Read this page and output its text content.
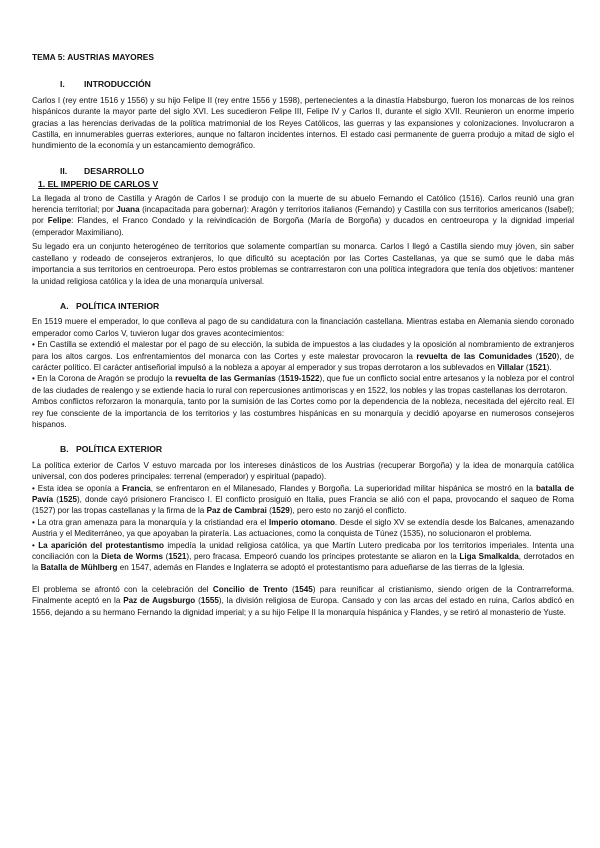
TEMA 5: AUSTRIAS MAYORES

I. INTRODUCCIÓN

Carlos I (rey entre 1516 y 1556) y su hijo Felipe II (rey entre 1556 y 1598), pertenecientes a la dinastía Habsburgo, fueron los monarcas de los reinos hispánicos durante la mayor parte del siglo XVI. Les sucedieron Felipe III, Felipe IV y Carlos II, durante el siglo XVII. Reunieron un enorme imperio gracias a las herencias derivadas de la política matrimonial de los Reyes Católicos, las guerras y las expansiones y colonizaciones. Involucraron a Castilla, en innumerables guerras exteriores, aunque no faltaron incidentes internos. El estado casi permanente de guerra produjo a mitad de siglo el hundimiento de la economía y un estancamiento demográfico.

II. DESARROLLO
1. EL IMPERIO DE CARLOS V

La llegada al trono de Castilla y Aragón de Carlos I se produjo con la muerte de su abuelo Fernando el Católico (1516). Carlos reunió una gran herencia territorial; por Juana (incapacitada para gobernar): Aragón y territorios italianos (Fernando) y Castilla con sus territorios americanos (Isabel); por Felipe: Flandes, el Franco Condado y la reivindicación de Borgoña (María de Borgoña) y ducados en centroeuropa y la dignidad imperial (emperador Maximiliano).

Su legado era un conjunto heterogéneo de territorios que solamente compartían su monarca. Carlos I llegó a Castilla siendo muy jóven, sin saber castellano y rodeado de consejeros extranjeros, lo que dificultó su aceptación por las Cortes Castellanas, ya que se sumó que le daba más importancia a sus territorios en centroeuropa. Pero estos problemas se contrarrestaron con una política integradora que tenía dos objetivos: mantener la unidad religiosa católica y la idea de una monarquía universal.

A. POLÍTICA INTERIOR

En 1519 muere el emperador, lo que conlleva al pago de su candidatura con la financiación castellana. Mientras estaba en Alemania siendo coronado emperador como Carlos V, tuvieron lugar dos graves acontecimientos:

• En Castilla se extendió el malestar por el pago de su elección, la subida de impuestos a las ciudades y la oposición al nombramiento de extranjeros para los altos cargos. Los enfrentamientos del monarca con las Cortes y este malestar provocaron la revuelta de las Comunidades (1520), de carácter político. El carácter antiseñorial impulsó a la nobleza a apoyar al emperador y sus tropas derrotaron a los sublevados en Villalar (1521).

• En la Corona de Aragón se produjo la revuelta de las Germanías (1519-1522), que fue un conflicto social entre artesanos y la nobleza por el control de las ciudades de realengo y se extiende hacia lo rural con repercusiones antimoriscas y en 1522, los nobles y las tropas castellanas los derrotaron.

Ambos conflictos reforzaron la monarquía, tanto por la sumisión de las Cortes como por la dependencia de la nobleza, necesitada del ejército real. El rey fue consciente de la importancia de los territorios y las costumbres hispánicas en su monarquía y decidió apoyarse en numerosos consejeros hispanos.

B. POLÍTICA EXTERIOR

La política exterior de Carlos V estuvo marcada por los intereses dinásticos de los Austrias (recuperar Borgoña) y la idea de monarquía católica universal, con dos poderes principales: terrenal (emperador) y espiritual (papado).

• Esta idea se oponía a Francia, se enfrentaron en el Milanesado, Flandes y Borgoña. La superioridad militar hispánica se mostró en la batalla de Pavía (1525), donde cayó prisionero Francisco I. El conflicto prosiguió en Italia, pues Francia se alió con el papa, provocando el saqueo de Roma (1527) por las tropas castellanas y la firma de la Paz de Cambrai (1529), pero esto no zanjó el conflicto.

• La otra gran amenaza para la monarquía y la cristiandad era el Imperio otomano. Desde el siglo XV se extendía desde los Balcanes, amenazando Austria y el Mediterráneo, ya que apoyaban la piratería. Las actuaciones, como la conquista de Túnez (1535), no solucionaron el problema.

• La aparición del protestantismo impedía la unidad religiosa católica, ya que Martín Lutero predicaba por los territorios imperiales. Intenta una conciliación con la Dieta de Worms (1521), pero fracasa. Empeoró cuando los príncipes protestante se aliaron en la Liga Smalkalda, derrotados en la Batalla de Mühlberg en 1547, además en Flandes e Inglaterra se adoptó el protestantismo para adueñarse de las tierras de la Iglesia.

El problema se afrontó con la celebración del Concilio de Trento (1545) para reunificar al cristianismo, siendo origen de la Contrarreforma. Finalmente aceptó en la Paz de Augsburgo (1555), la división religiosa de Europa. Cansado y con las arcas del estado en ruina, Carlos abdicó en 1556, dejando a su hermano Fernando la dignidad imperial; y a su hijo Felipe II la monarquía hispánica y Flandes, y se retiró al monasterio de Yuste.
